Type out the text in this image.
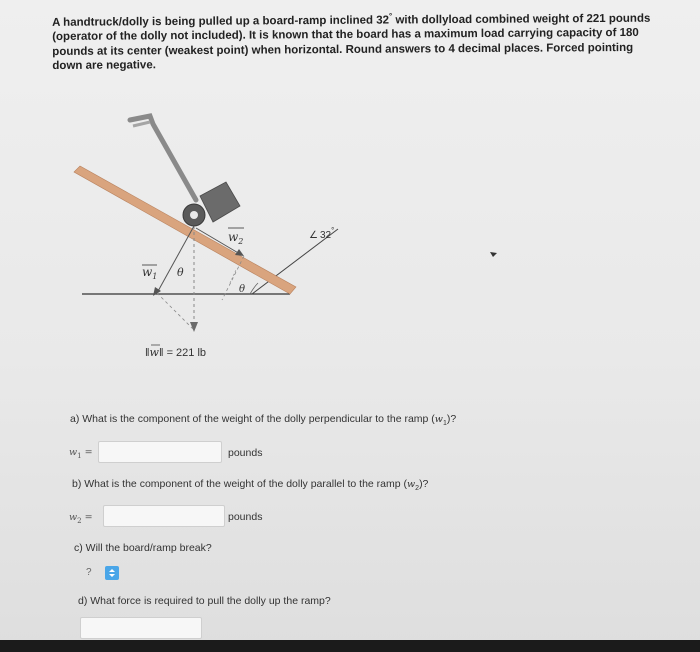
A handtruck/dolly is being pulled up a board-ramp inclined 32° with dollyload combined weight of 221 pounds
(operator of the dolly not included). It is known that the board has a maximum load carrying capacity of 180
pounds at its center (weakest point) when horizontal. Round answers to 4 decimal places. Forced pointing
down are negative.
$w_1$ θ
$w_2$
θ
∠ 32°
‖w‖ = 221 lb
a) What is the component of the weight of the dolly perpendicular to the ramp $(w_1)$?
$w_1$ =	pounds
b) What is the component of the weight of the dolly parallel to the ramp $(w_2)$?
$w_2$ =	pounds
c) Will the board/ramp break?
?
d) What force is required to pull the dolly up the ramp?
